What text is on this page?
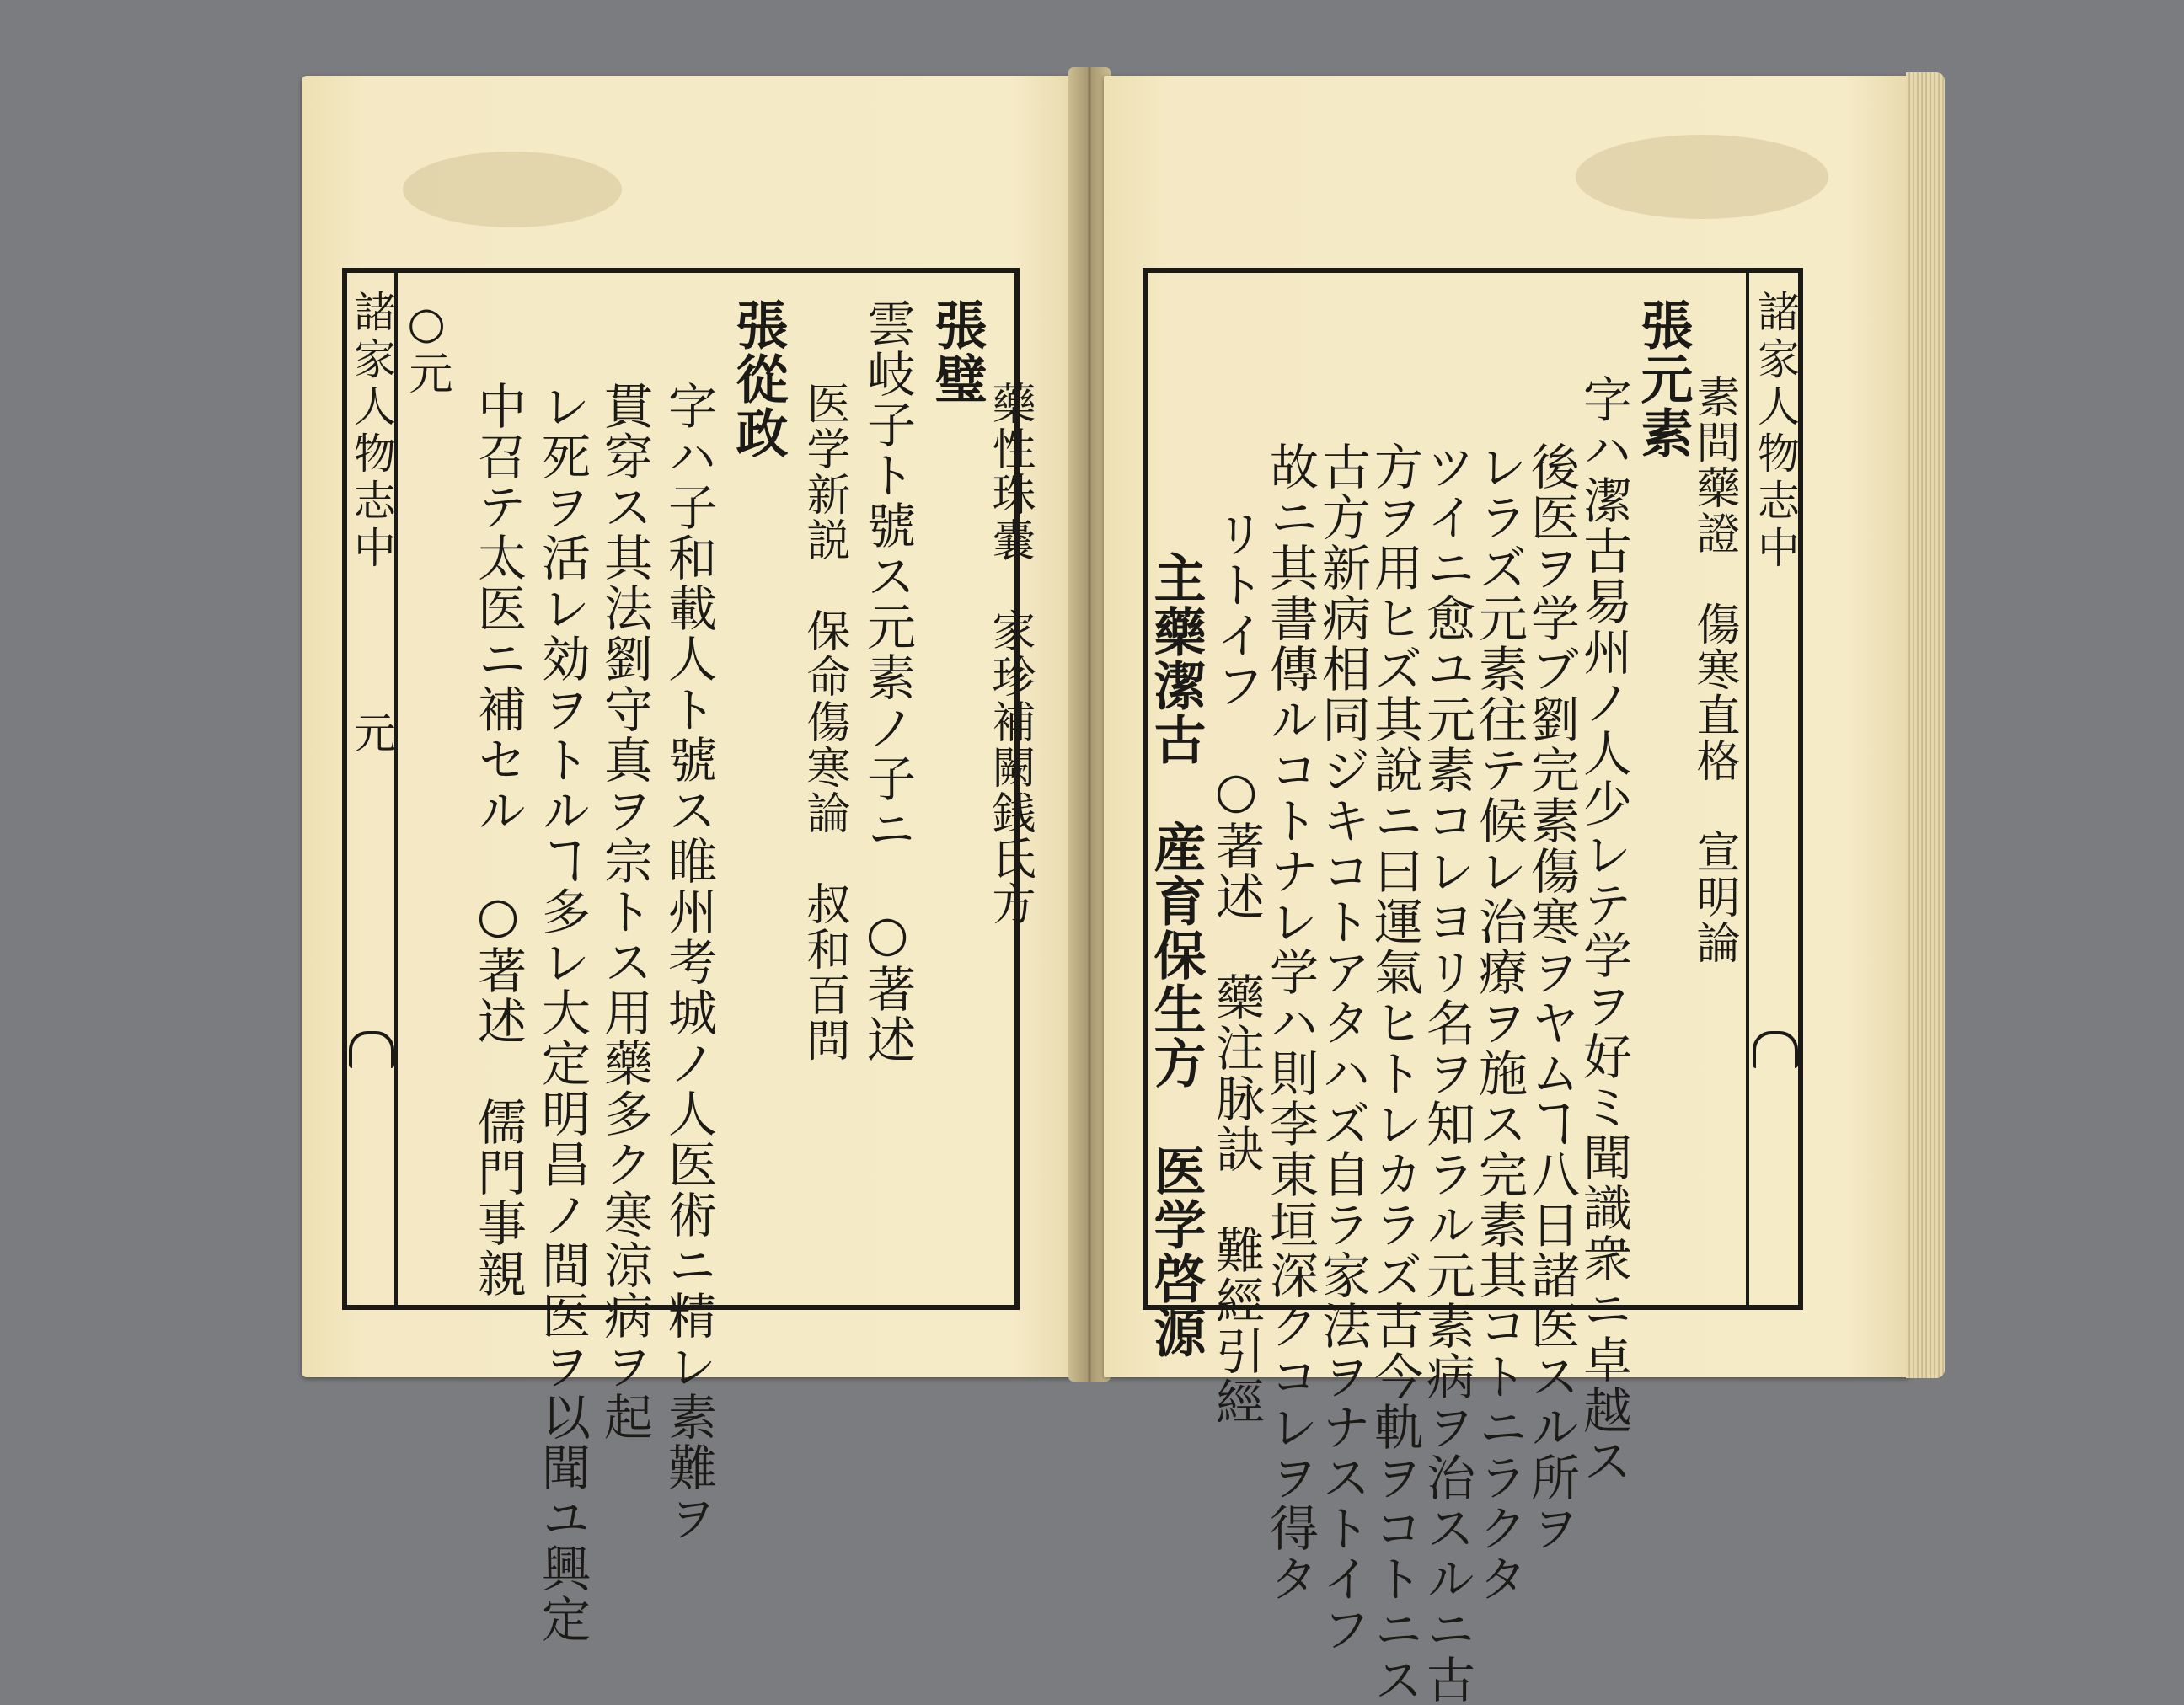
諸家人物志中
元
○元
中召テ太医ニ補セル　○著述　儒門事親 レ死ヲ活レ効ヲトルヿ多レ大定明昌ノ間医ヲ以聞ユ興定 貫穿ス其法劉守真ヲ宗トス用藥多ク寒涼病ヲ起 字ハ子和載人ト號ス睢州考城ノ人医術ニ精レ素難ヲ
張從政
医学新説　保命傷寒論　叔和百問 雲岐子ト號ス元素ノ子ニ　○著述 張璧
藥性珠嚢　家珍補闕銭氏方	諸家人物志中
主藥潔古　産育保生方　医学啓源 リトイフ　○著述　藥注脉訣　難經引經
故ニ其書傳ルコトナレ学ハ則李東垣深クコレヲ得タ
古方新病相同ジキコトアタハズ自ラ家法ヲナストイフ
方ヲ用ヒズ其說ニ曰運氣ヒトレカラズ古今軌ヲコトニス
ツイニ愈ユ元素コレヨリ名ヲ知ラル元素病ヲ治スルニ古
レラズ元素往テ候レ治療ヲ施ス完素其コトニラクタ
後医ヲ学ブ劉完素傷寒ヲヤムヿ八日諸医スル所ヲ
字ハ潔古易州ノ人少レテ学ヲ好ミ聞識衆ニ卓越ス 張元素
素問藥證　傷寒直格　宣明論
